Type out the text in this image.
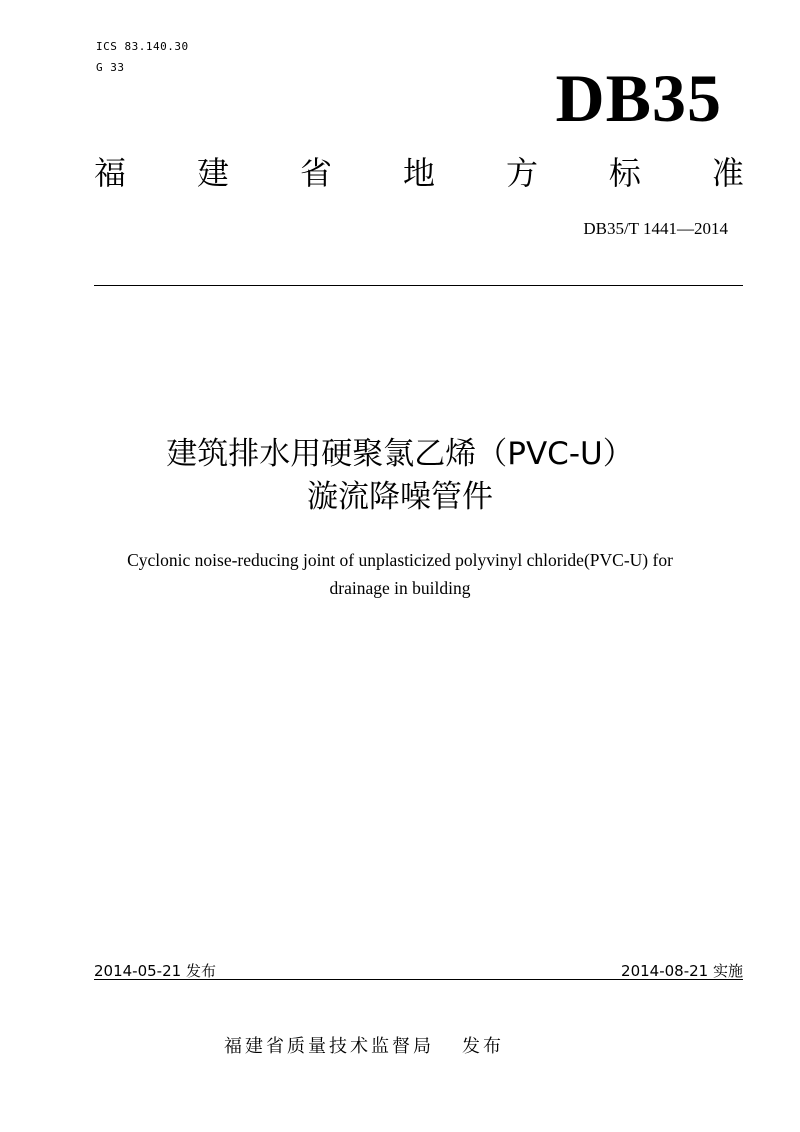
ICS 83.140.30
G 33	DB35
福 建 省 地 方 标 准
DB35/T 1441—2014
建筑排水用硬聚氯乙烯（PVC-U）
漩流降噪管件
Cyclonic noise-reducing joint of unplasticized polyvinyl chloride(PVC-U) for
drainage in building
2014-05-21 发布	2014-08-21 实施
福建省质量技术监督局 发布
